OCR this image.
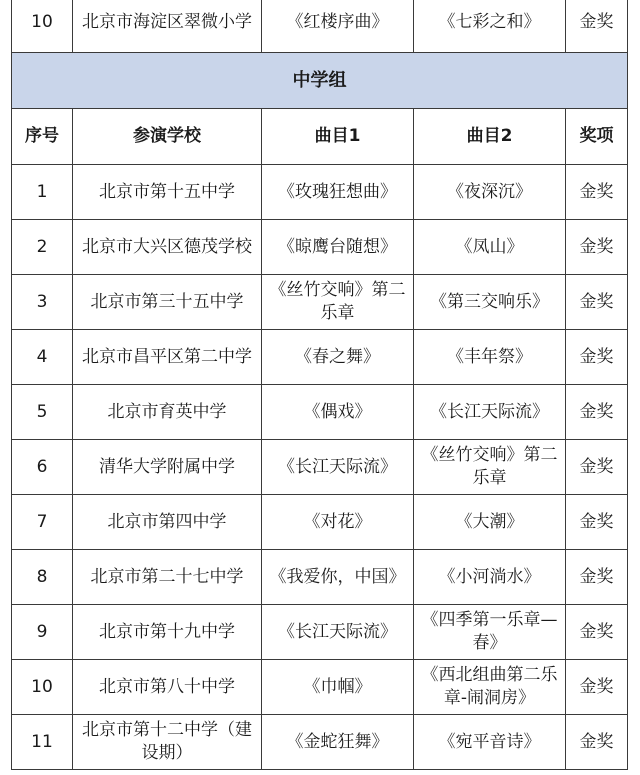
10	北京市海淀区翠微小学	《红楼序曲》	《七彩之和》	金奖
中学组				
序号	参演学校	曲目1	曲目2	奖项
1	北京市第十五中学	《玫瑰狂想曲》	《夜深沉》	金奖
2	北京市大兴区德茂学校	《晾鹰台随想》	《凤山》	金奖
3	北京市第三十五中学	《丝竹交响》第二乐章	《第三交响乐》	金奖
4	北京市昌平区第二中学	《春之舞》	《丰年祭》	金奖
5	北京市育英中学	《偶戏》	《长江天际流》	金奖
6	清华大学附属中学	《长江天际流》	《丝竹交响》第二乐章	金奖
7	北京市第四中学	《对花》	《大潮》	金奖
8	北京市第二十七中学	《我爱你，中国》	《小河淌水》	金奖
9	北京市第十九中学	《长江天际流》	《四季第一乐章—春》	金奖
10	北京市第八十中学	《巾帼》	《西北组曲第二乐章-闹洞房》	金奖
11	北京市第十二中学（建设期）	《金蛇狂舞》	《宛平音诗》	金奖
